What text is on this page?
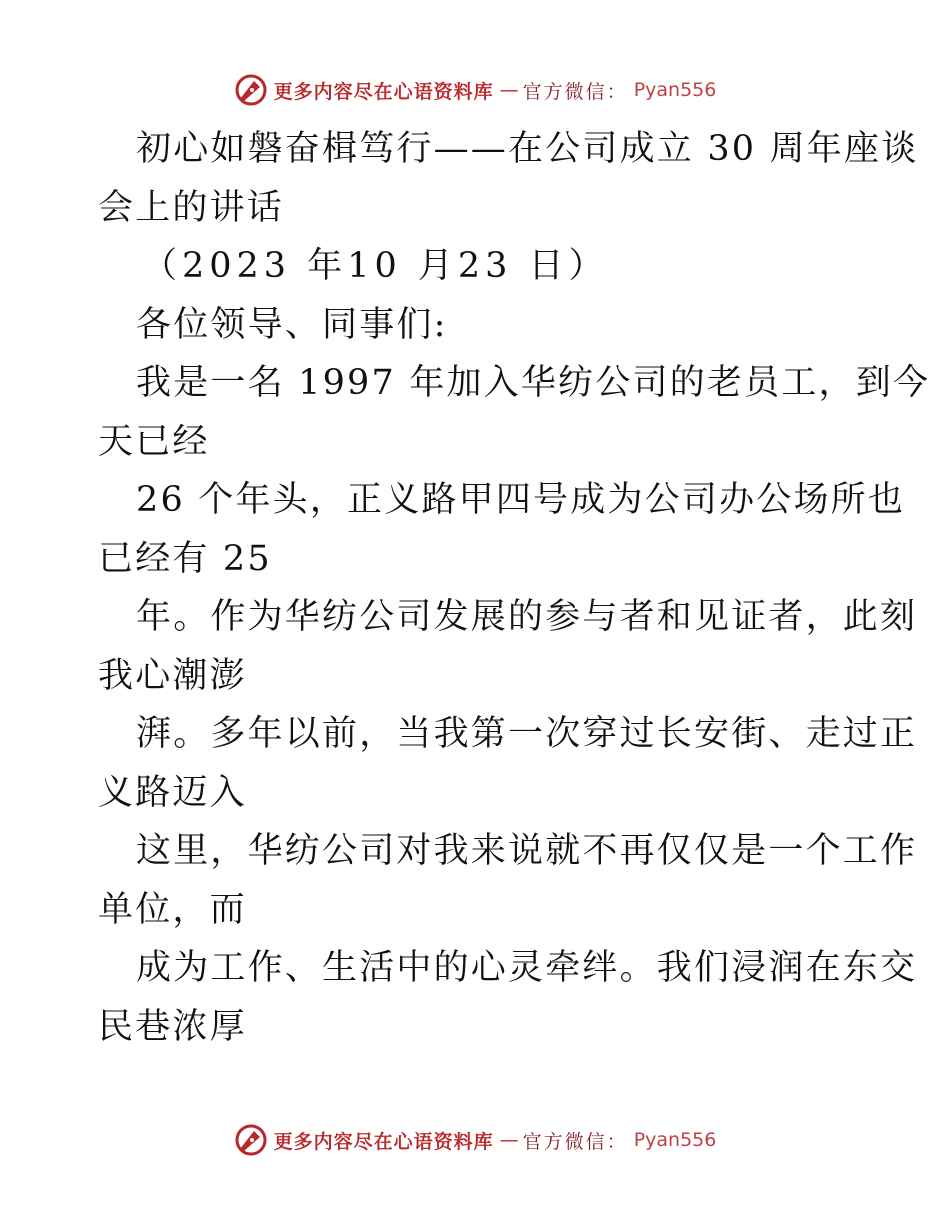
更多内容尽在心语资料库 — 官方微信： Pyan556
初心如磐奋楫笃行——在公司成立 30 周年座谈
会上的讲话
（2023 年10 月23 日）
各位领导、同事们:
我是一名 1997 年加入华纺公司的老员工，到今
天已经
26 个年头，正义路甲四号成为公司办公场所也
已经有 25
年。作为华纺公司发展的参与者和见证者，此刻
我心潮澎
湃。多年以前，当我第一次穿过长安街、走过正
义路迈入
这里，华纺公司对我来说就不再仅仅是一个工作
单位，而
成为工作、生活中的心灵牵绊。我们浸润在东交
民巷浓厚
更多内容尽在心语资料库 — 官方微信： Pyan556
